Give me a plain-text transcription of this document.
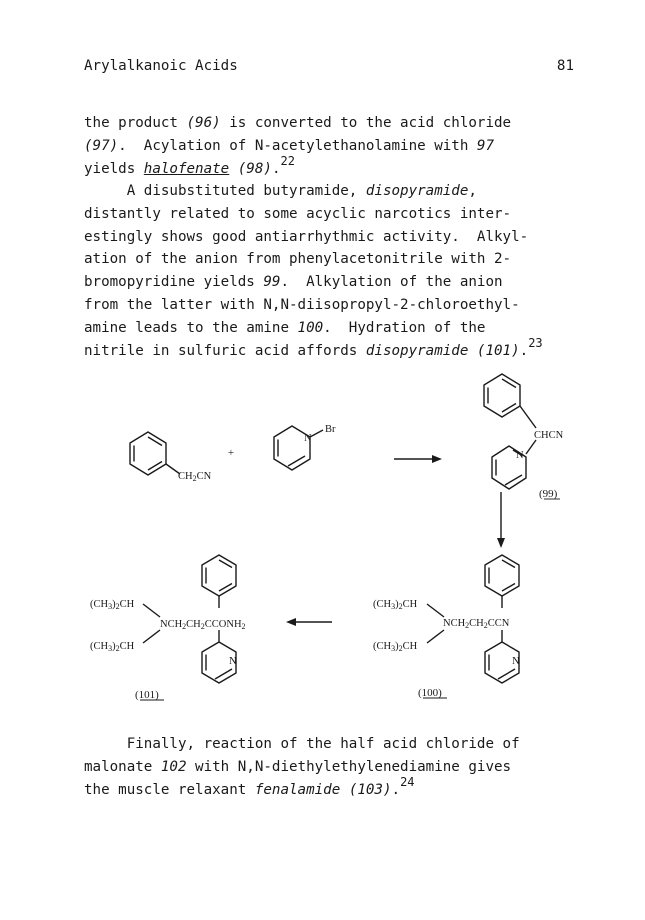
Arylalkanoic Acids	81
the product (96) is converted to the acid chloride
(97).  Acylation of N-acetylethanolamine with 97
yields halofenate (98).$^{22}$
A disubstituted butyramide, disopyramide,
distantly related to some acyclic narcotics inter-
estingly shows good antiarrhythmic activity.  Alkyl-
ation of the anion from phenylacetonitrile with 2-
bromopyridine yields 99.  Alkylation of the anion
from the latter with N,N-diisopropyl-2-chloroethyl-
amine leads to the amine 100.  Hydration of the
nitrile in sulfuric acid affords disopyramide (101).$^{23}$
CH2CN
+
N
Br
CHCN
N
(99)
(CH3)2CH
NCH2CH2CCN
(CH3)2CH
N
(100)
(CH3)2CH
NCH2CH2CCONH2
(CH3)2CH
N
(101)
Finally, reaction of the half acid chloride of
malonate 102 with N,N-diethylethylenediamine gives
the muscle relaxant fenalamide (103).$^{24}$
